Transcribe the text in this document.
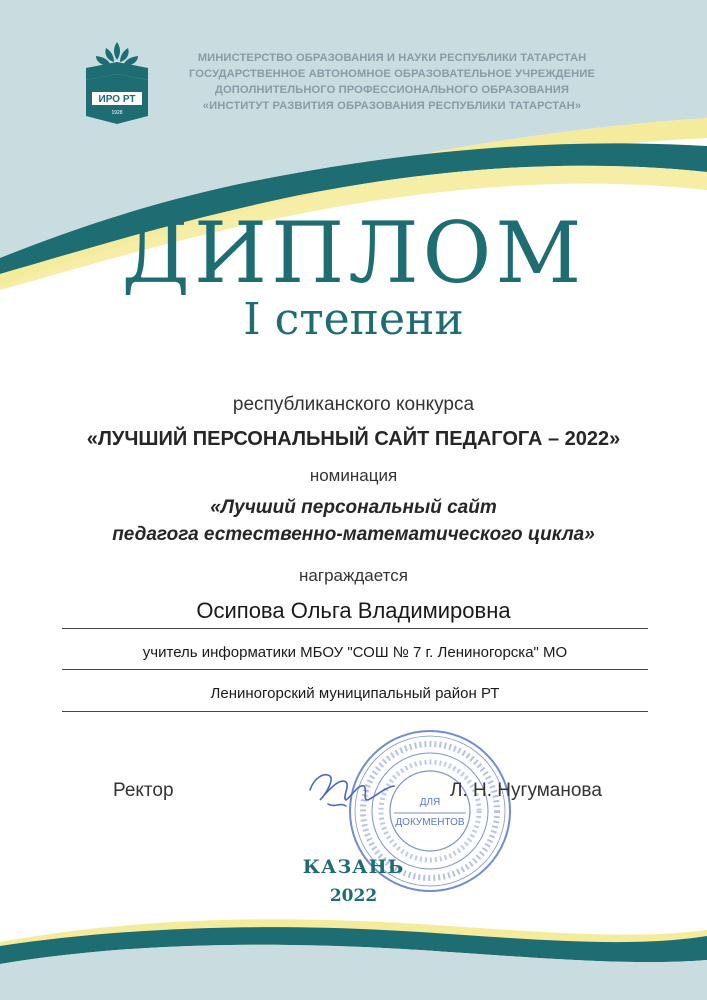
ИРО РТ
1928
МИНИСТЕРСТВО ОБРАЗОВАНИЯ И НАУКИ РЕСПУБЛИКИ ТАТАРСТАН
ГОСУДАРСТВЕННОЕ АВТОНОМНОЕ ОБРАЗОВАТЕЛЬНОЕ УЧРЕЖДЕНИЕ
ДОПОЛНИТЕЛЬНОГО ПРОФЕССИОНАЛЬНОГО ОБРАЗОВАНИЯ
«ИНСТИТУТ РАЗВИТИЯ ОБРАЗОВАНИЯ РЕСПУБЛИКИ ТАТАРСТАН»
ДИПЛОМ
I степени
республиканского конкурса
«ЛУЧШИЙ ПЕРСОНАЛЬНЫЙ САЙТ ПЕДАГОГА – 2022»
номинация
«Лучший персональный сайт
педагога естественно-математического цикла»
награждается
Осипова Ольга Владимировна
учитель информатики МБОУ "СОШ № 7 г. Лениногорска" МО
Лениногорский муниципальный район РТ
ДЛЯ
ДОКУМЕНТОВ
Ректор	Л. Н. Нугуманова
КАЗАНЬ
2022
